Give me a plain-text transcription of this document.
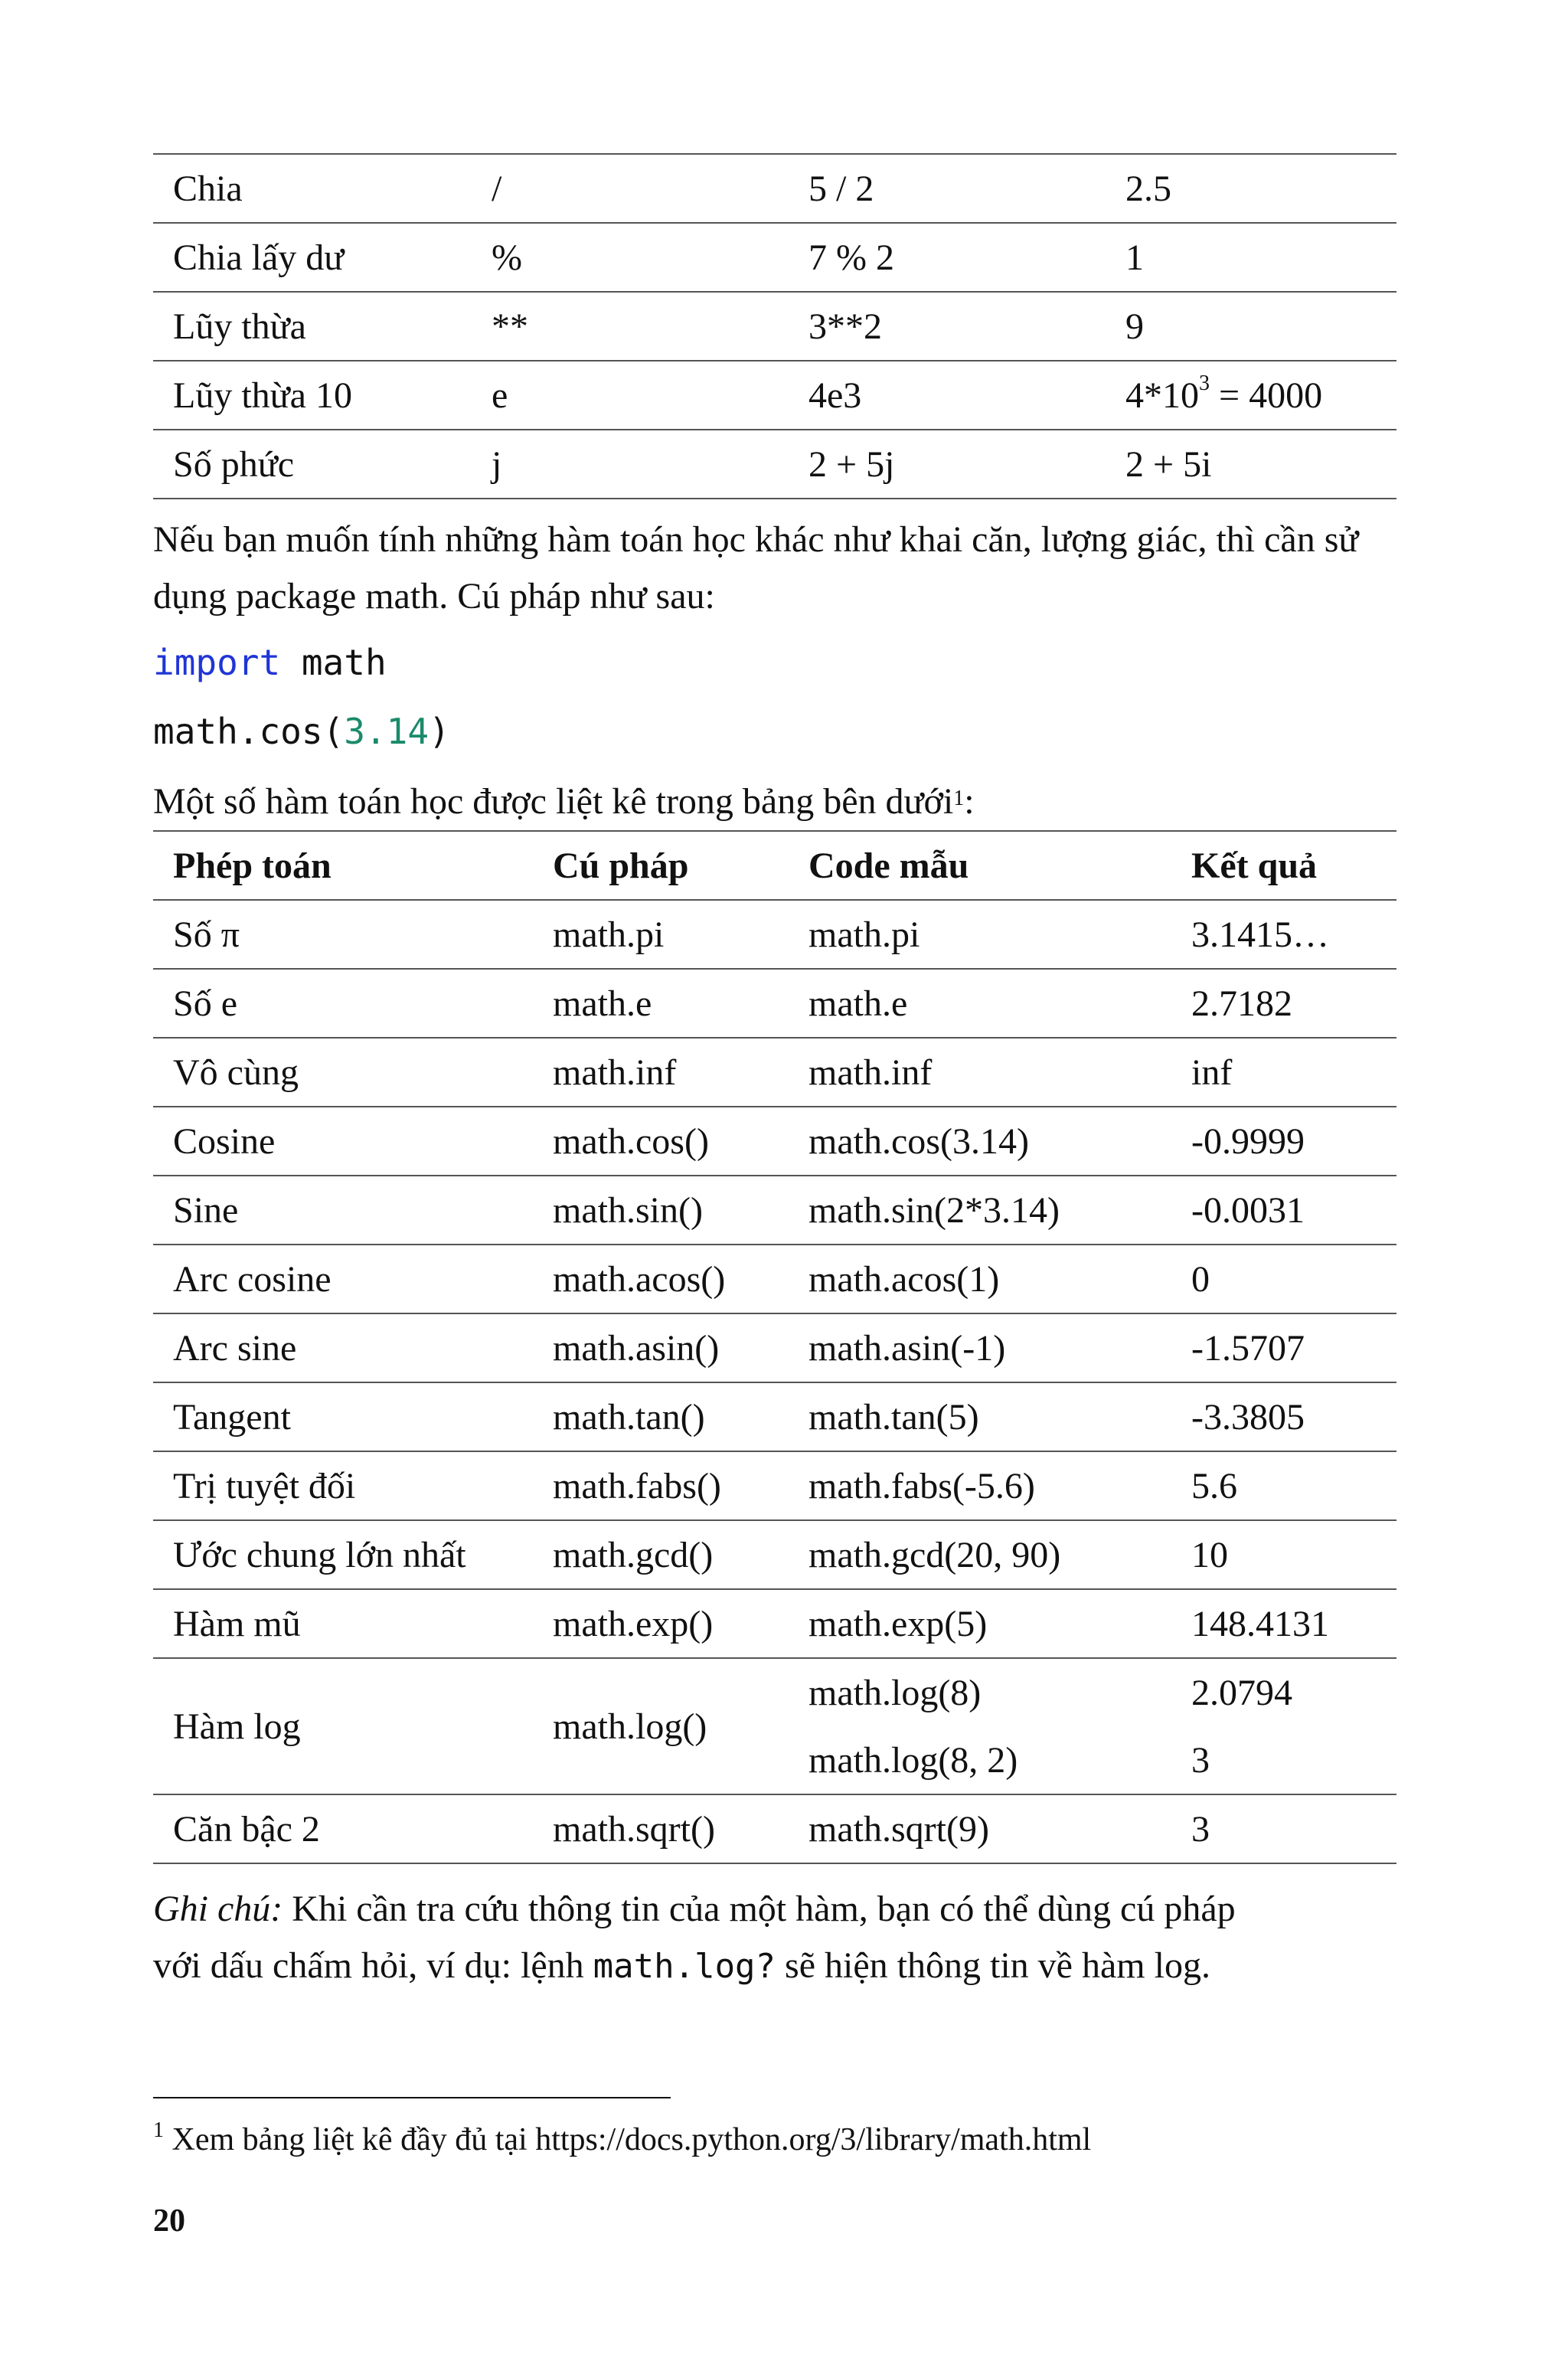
Chia	/	5 / 2	2.5
Chia lấy dư	%	7 % 2	1
Lũy thừa	**	3**2	9
Lũy thừa 10	e	4e3	$4*10^3 = 4000$
Số phức	j	2 + 5j	2 + 5i
Nếu bạn muốn tính những hàm toán học khác như khai căn, lượng giác, thì cần sử dụng package math. Cú pháp như sau:
import math
math.cos(3.14)
Một số hàm toán học được liệt kê trong bảng bên dưới$^1$:
Phép toán	Cú pháp	Code mẫu	Kết quả
Số π	math.pi	math.pi	3.1415…
Số e	math.e	math.e	2.7182
Vô cùng	math.inf	math.inf	inf
Cosine	math.cos()	math.cos(3.14)	-0.9999
Sine	math.sin()	math.sin(2*3.14)	-0.0031
Arc cosine	math.acos()	math.acos(1)	0
Arc sine	math.asin()	math.asin(-1)	-1.5707
Tangent	math.tan()	math.tan(5)	-3.3805
Trị tuyệt đối	math.fabs()	math.fabs(-5.6)	5.6
Ước chung lớn nhất	math.gcd()	math.gcd(20, 90)	10
Hàm mũ	math.exp()	math.exp(5)	148.4131
Hàm log	math.log()	math.log(8)	2.0794
		math.log(8, 2)	3
Căn bậc 2	math.sqrt()	math.sqrt(9)	3
Ghi chú: Khi cần tra cứu thông tin của một hàm, bạn có thể dùng cú pháp
với dấu chấm hỏi, ví dụ: lệnh math.log? sẽ hiện thông tin về hàm log.
$^1$ Xem bảng liệt kê đầy đủ tại https://docs.python.org/3/library/math.html
20
